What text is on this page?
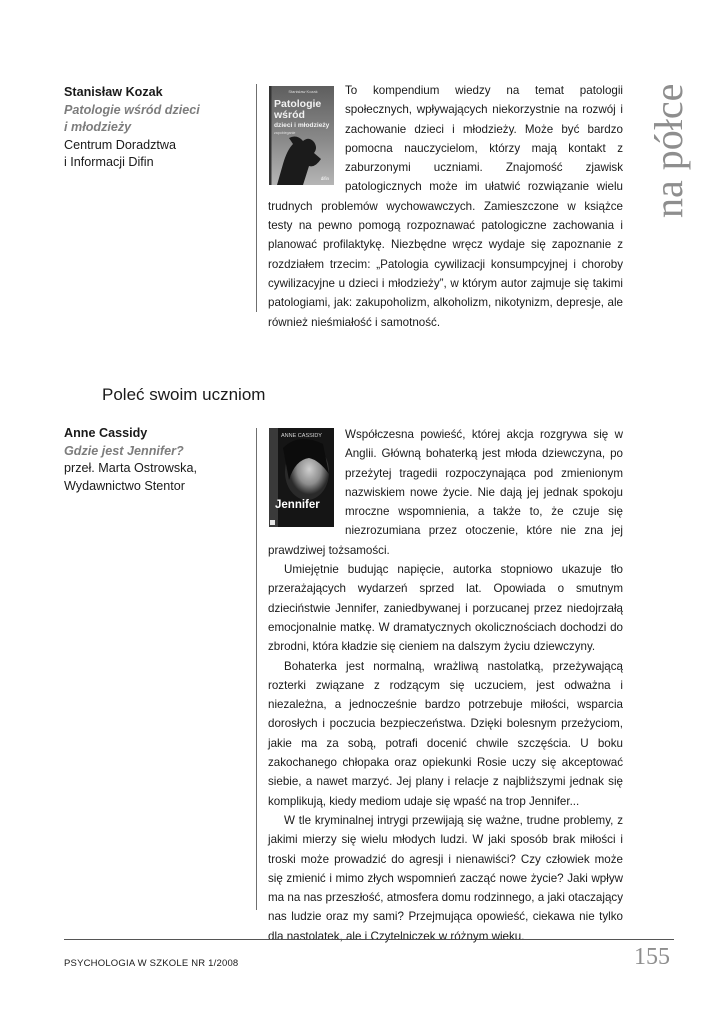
na półce
Stanisław Kozak
Patologie wśród dzieci
i młodzieży
Centrum Doradztwa
i Informacji Difin
Stanisław Kozak
Patologie
wśród
dzieci i młodzieży
zapobieganie
difin

To kompendium wiedzy na temat patologii społecznych, wpływających niekorzystnie na rozwój i zachowanie dzieci i młodzieży. Może być bardzo pomocna nauczycielom, którzy mają kontakt z zaburzonymi uczniami. Znajomość zjawisk patologicznych może im ułatwić rozwiązanie wielu trudnych problemów wychowawczych. Zamieszczone w książce testy na pewno pomogą rozpoznawać patologiczne zachowania i planować profilaktykę. Niezbędne wręcz wydaje się zapoznanie z rozdziałem trzecim: „Patologia cywilizacji konsumpcyjnej i choroby cywilizacyjne u dzieci i młodzieży”, w którym autor zajmuje się takimi patologiami, jak: zakupoholizm, alkoholizm, nikotynizm, depresje, ale również nieśmiałość i samotność.

Poleć swoim uczniom
Anne Cassidy
Gdzie jest Jennifer?
przeł. Marta Ostrowska,
Wydawnictwo Stentor
ANNE CASSIDY
Jennifer

Współczesna powieść, której akcja rozgrywa się w Anglii. Główną bohaterką jest młoda dziewczyna, po przeżytej tragedii rozpoczynająca pod zmienionym nazwiskiem nowe życie. Nie dają jej jednak spokoju mroczne wspomnienia, a także to, że czuje się niezrozumiana przez otoczenie, które nie zna jej prawdziwej tożsamości.

Umiejętnie budując napięcie, autorka stopniowo ukazuje tło przerażających wydarzeń sprzed lat. Opowiada o smutnym dzieciństwie Jennifer, zaniedbywanej i porzucanej przez niedojrzałą emocjonalnie matkę. W dramatycznych okolicznościach dochodzi do zbrodni, która kładzie się cieniem na dalszym życiu dziewczyny.

Bohaterka jest normalną, wrażliwą nastolatką, przeżywającą rozterki związane z rodzącym się uczuciem, jest odważna i niezależna, a jednocześnie bardzo potrzebuje miłości, wsparcia dorosłych i poczucia bezpieczeństwa. Dzięki bolesnym przeżyciom, jakie ma za sobą, potrafi docenić chwile szczęścia. U boku zakochanego chłopaka oraz opiekunki Rosie uczy się akceptować siebie, a nawet marzyć. Jej plany i relacje z najbliższymi jednak się komplikują, kiedy mediom udaje się wpaść na trop Jennifer...

W tle kryminalnej intrygi przewijają się ważne, trudne problemy, z jakimi mierzy się wielu młodych ludzi. W jaki sposób brak miłości i troski może prowadzić do agresji i nienawiści? Czy człowiek może się zmienić i mimo złych wspomnień zacząć nowe życie? Jaki wpływ ma na nas przeszłość, atmosfera domu rodzinnego, a jaki otaczający nas ludzie oraz my sami? Przejmująca opowieść, ciekawa nie tylko dla nastolatek, ale i Czytelniczek w różnym wieku.

PSYCHOLOGIA W SZKOLE NR 1/2008	155
